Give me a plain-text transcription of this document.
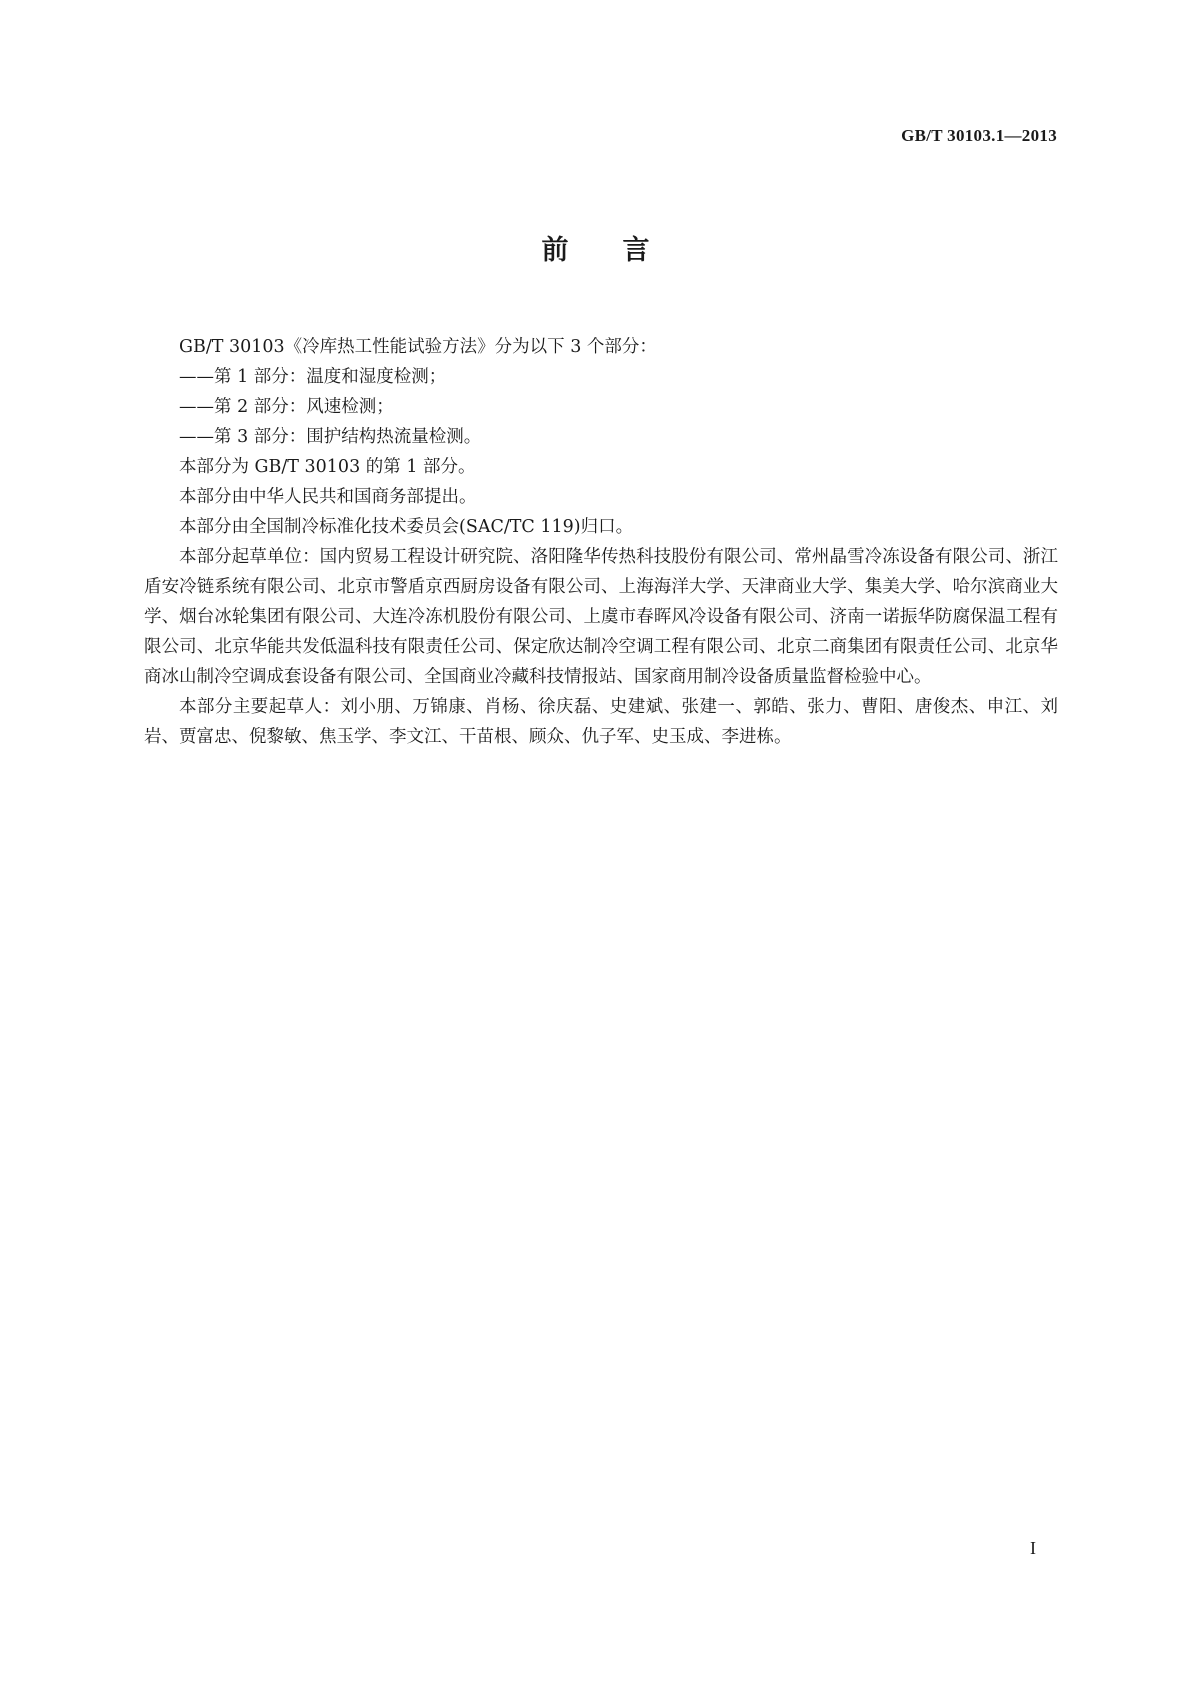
GB/T 30103.1—2013
前言

GB/T 30103《冷库热工性能试验方法》分为以下 3 个部分：

——第 1 部分：温度和湿度检测；

——第 2 部分：风速检测；

——第 3 部分：围护结构热流量检测。

本部分为 GB/T 30103 的第 1 部分。

本部分由中华人民共和国商务部提出。

本部分由全国制冷标准化技术委员会(SAC/TC 119)归口。

本部分起草单位：国内贸易工程设计研究院、洛阳隆华传热科技股份有限公司、常州晶雪冷冻设备有限公司、浙江盾安冷链系统有限公司、北京市警盾京西厨房设备有限公司、上海海洋大学、天津商业大学、集美大学、哈尔滨商业大学、烟台冰轮集团有限公司、大连冷冻机股份有限公司、上虞市春晖风冷设备有限公司、济南一诺振华防腐保温工程有限公司、北京华能共发低温科技有限责任公司、保定欣达制冷空调工程有限公司、北京二商集团有限责任公司、北京华商冰山制冷空调成套设备有限公司、全国商业冷藏科技情报站、国家商用制冷设备质量监督检验中心。

本部分主要起草人：刘小朋、万锦康、肖杨、徐庆磊、史建斌、张建一、郭皓、张力、曹阳、唐俊杰、申江、刘岩、贾富忠、倪黎敏、焦玉学、李文江、干苗根、顾众、仇子军、史玉成、李进栋。

I
